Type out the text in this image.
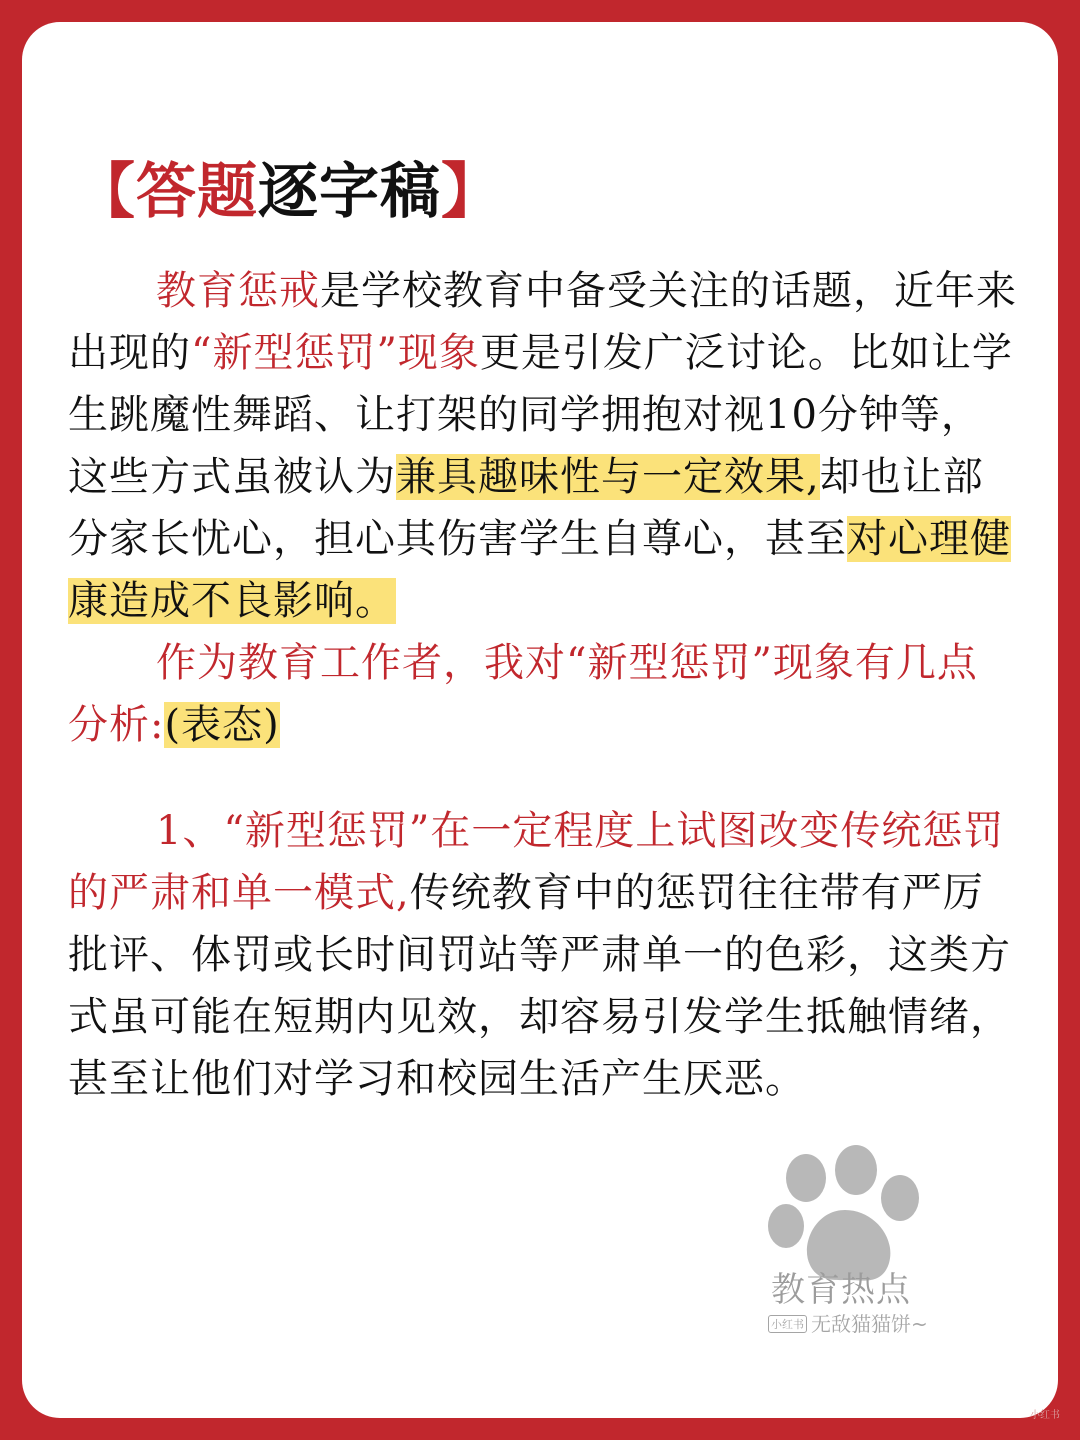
【答题逐字稿】

教育惩戒是学校教育中备受关注的话题，近年来出现的“新型惩罚”现象更是引发广泛讨论。比如让学生跳魔性舞蹈、让打架的同学拥抱对视10分钟等，这些方式虽被认为兼具趣味性与一定效果,却也让部分家长忧心，担心其伤害学生自尊心，甚至对心理健康造成不良影响。

作为教育工作者，我对“新型惩罚”现象有几点分析:(表态)

1、“新型惩罚”在一定程度上试图改变传统惩罚的严肃和单一模式,传统教育中的惩罚往往带有严厉批评、体罚或长时间罚站等严肃单一的色彩，这类方式虽可能在短期内见效，却容易引发学生抵触情绪，甚至让他们对学习和校园生活产生厌恶。

教育热点
小红书 无敌猫猫饼~
小红书
